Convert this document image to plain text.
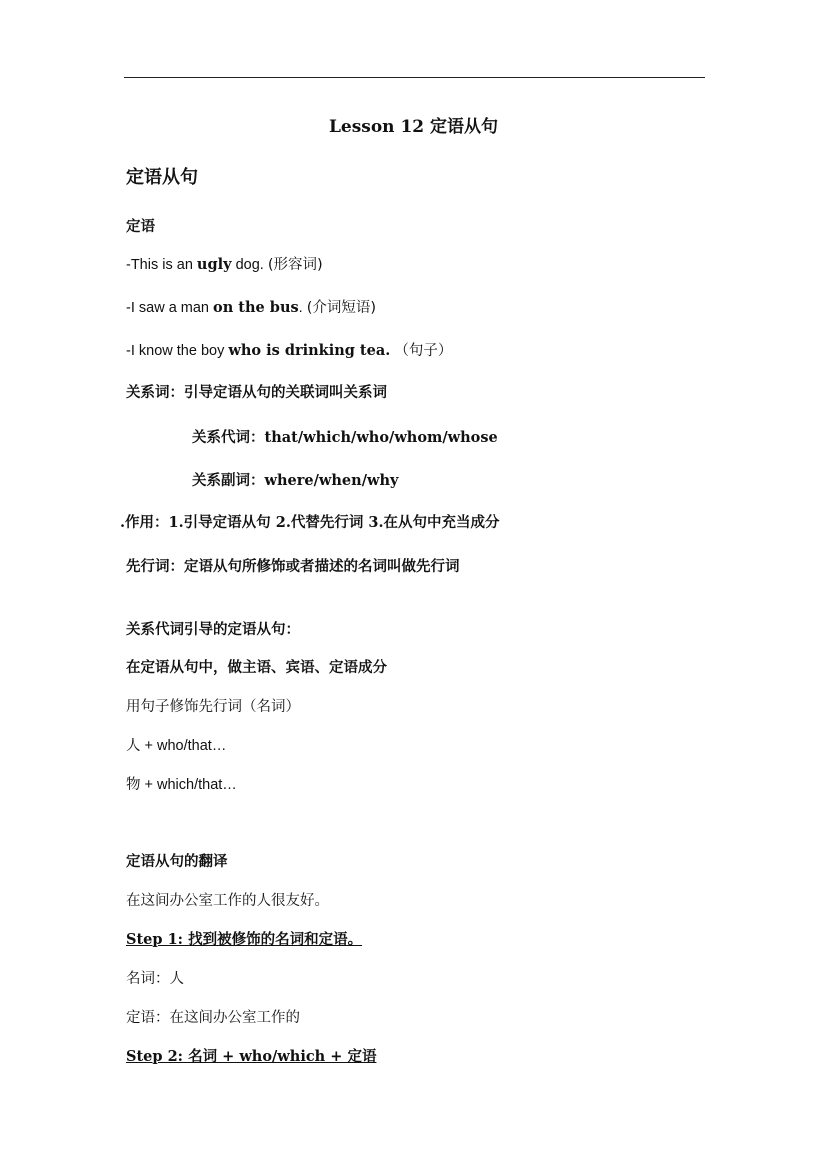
Lesson 12 定语从句
定语从句
定语
-This is an ugly dog. (形容词)
-I saw a man on the bus. (介词短语)
-I know the boy who is drinking tea. （句子）
关系词：引导定语从句的关联词叫关系词
关系代词：that/which/who/whom/whose
关系副词：where/when/why
.作用：1.引导定语从句 2.代替先行词 3.在从句中充当成分
先行词：定语从句所修饰或者描述的名词叫做先行词
关系代词引导的定语从句：
在定语从句中，做主语、宾语、定语成分
用句子修饰先行词（名词）
人 + who/that…
物 + which/that…
定语从句的翻译
在这间办公室工作的人很友好。
Step 1: 找到被修饰的名词和定语。
名词：人
定语：在这间办公室工作的
Step 2: 名词 + who/which + 定语
